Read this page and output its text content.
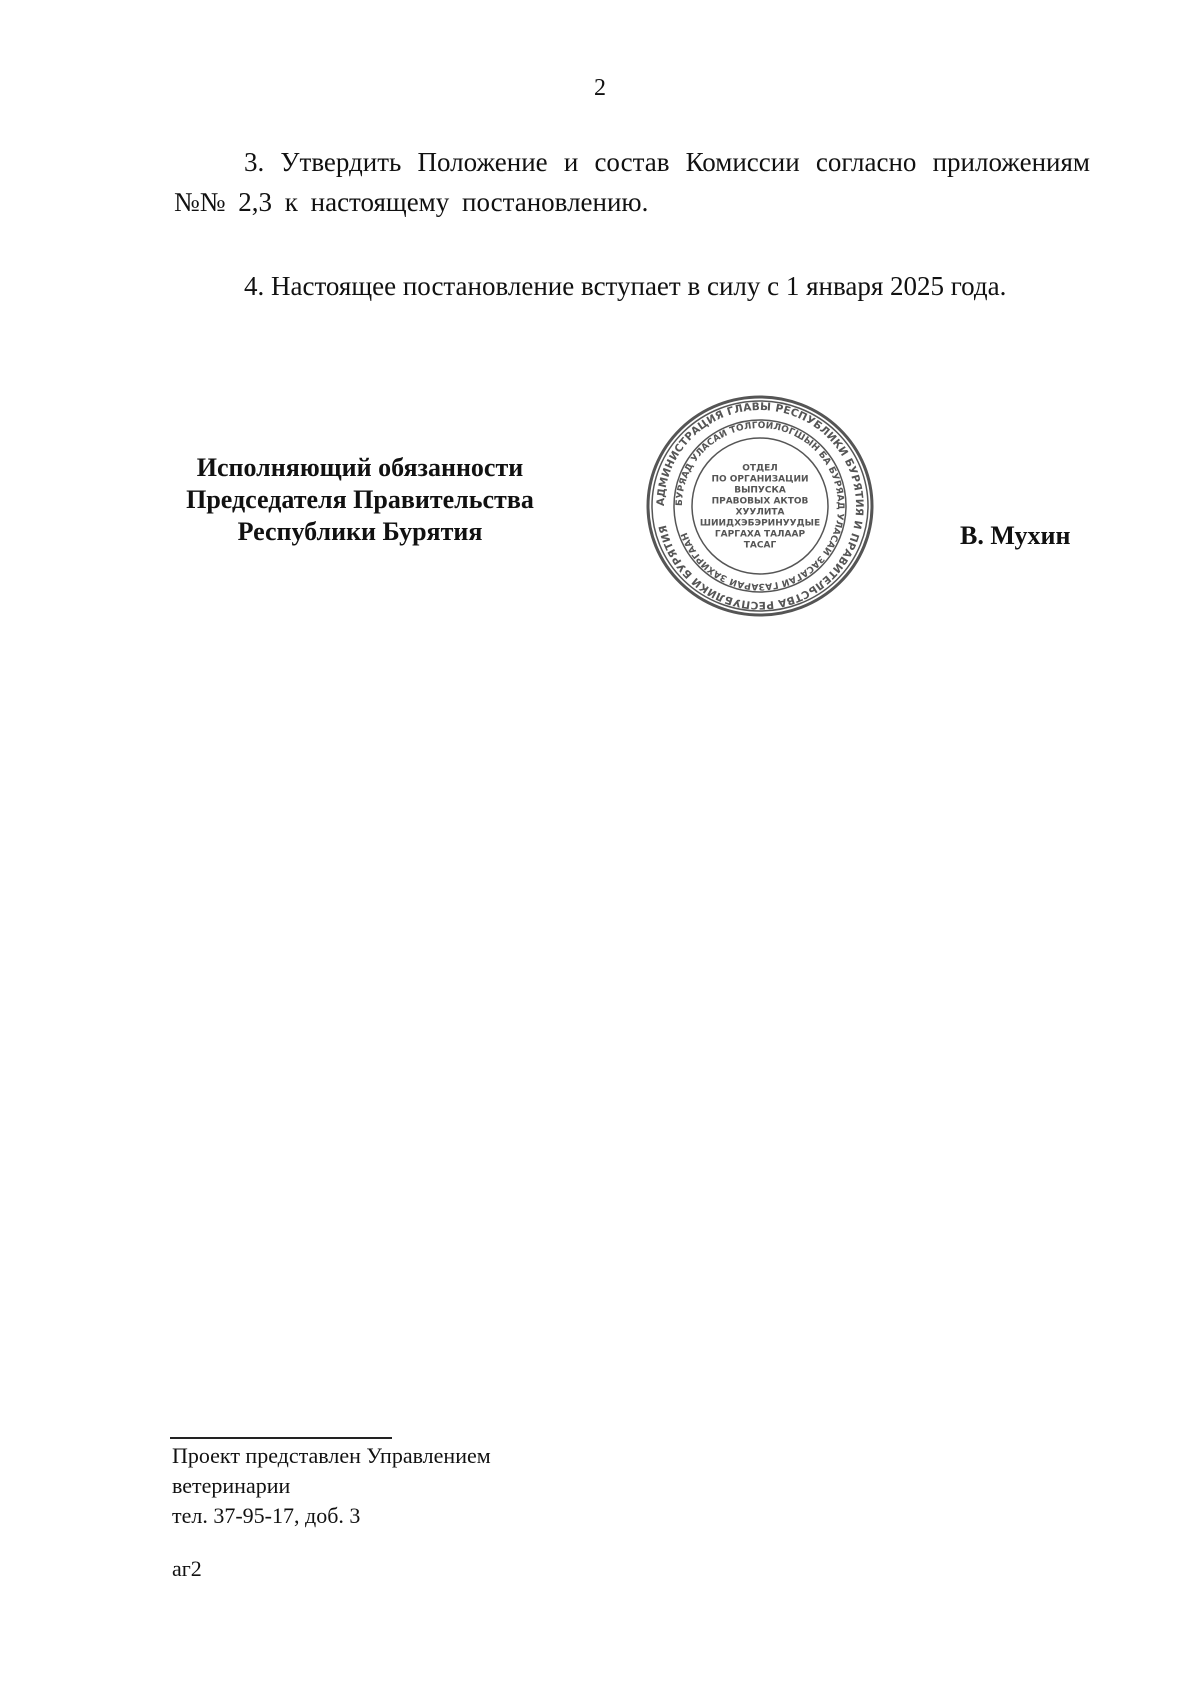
2

3. Утвердить Положение и состав Комиссии согласно приложениям №№ 2,3 к настоящему постановлению.

4. Настоящее постановление вступает в силу с 1 января 2025 года.

Исполняющий обязанности
Председателя Правительства
Республики Бурятия
АДМИНИСТРАЦИЯ ГЛАВЫ РЕСПУБЛИКИ БУРЯТИЯ И ПРАВИТЕЛЬСТВА РЕСПУБЛИКИ БУРЯТИЯ
БУРЯАД УЛАСАЙ ТОЛГОЙЛОГШЫН БА БУРЯАД УЛАСАЙ ЗАСАГАЙ ГАЗАРАЙ ЗАХИРГААН
ОТДЕЛ
ПО ОРГАНИЗАЦИИ
ВЫПУСКА
ПРАВОВЫХ АКТОВ
ХУУЛИТА
ШИИДХЭБЭРИНУУДЫЕ
ГАРГАХА ТАЛААР
ТАСАГ	В. Мухин
Проект представлен Управлением
ветеринарии
тел. 37-95-17, доб. 3
аг2
